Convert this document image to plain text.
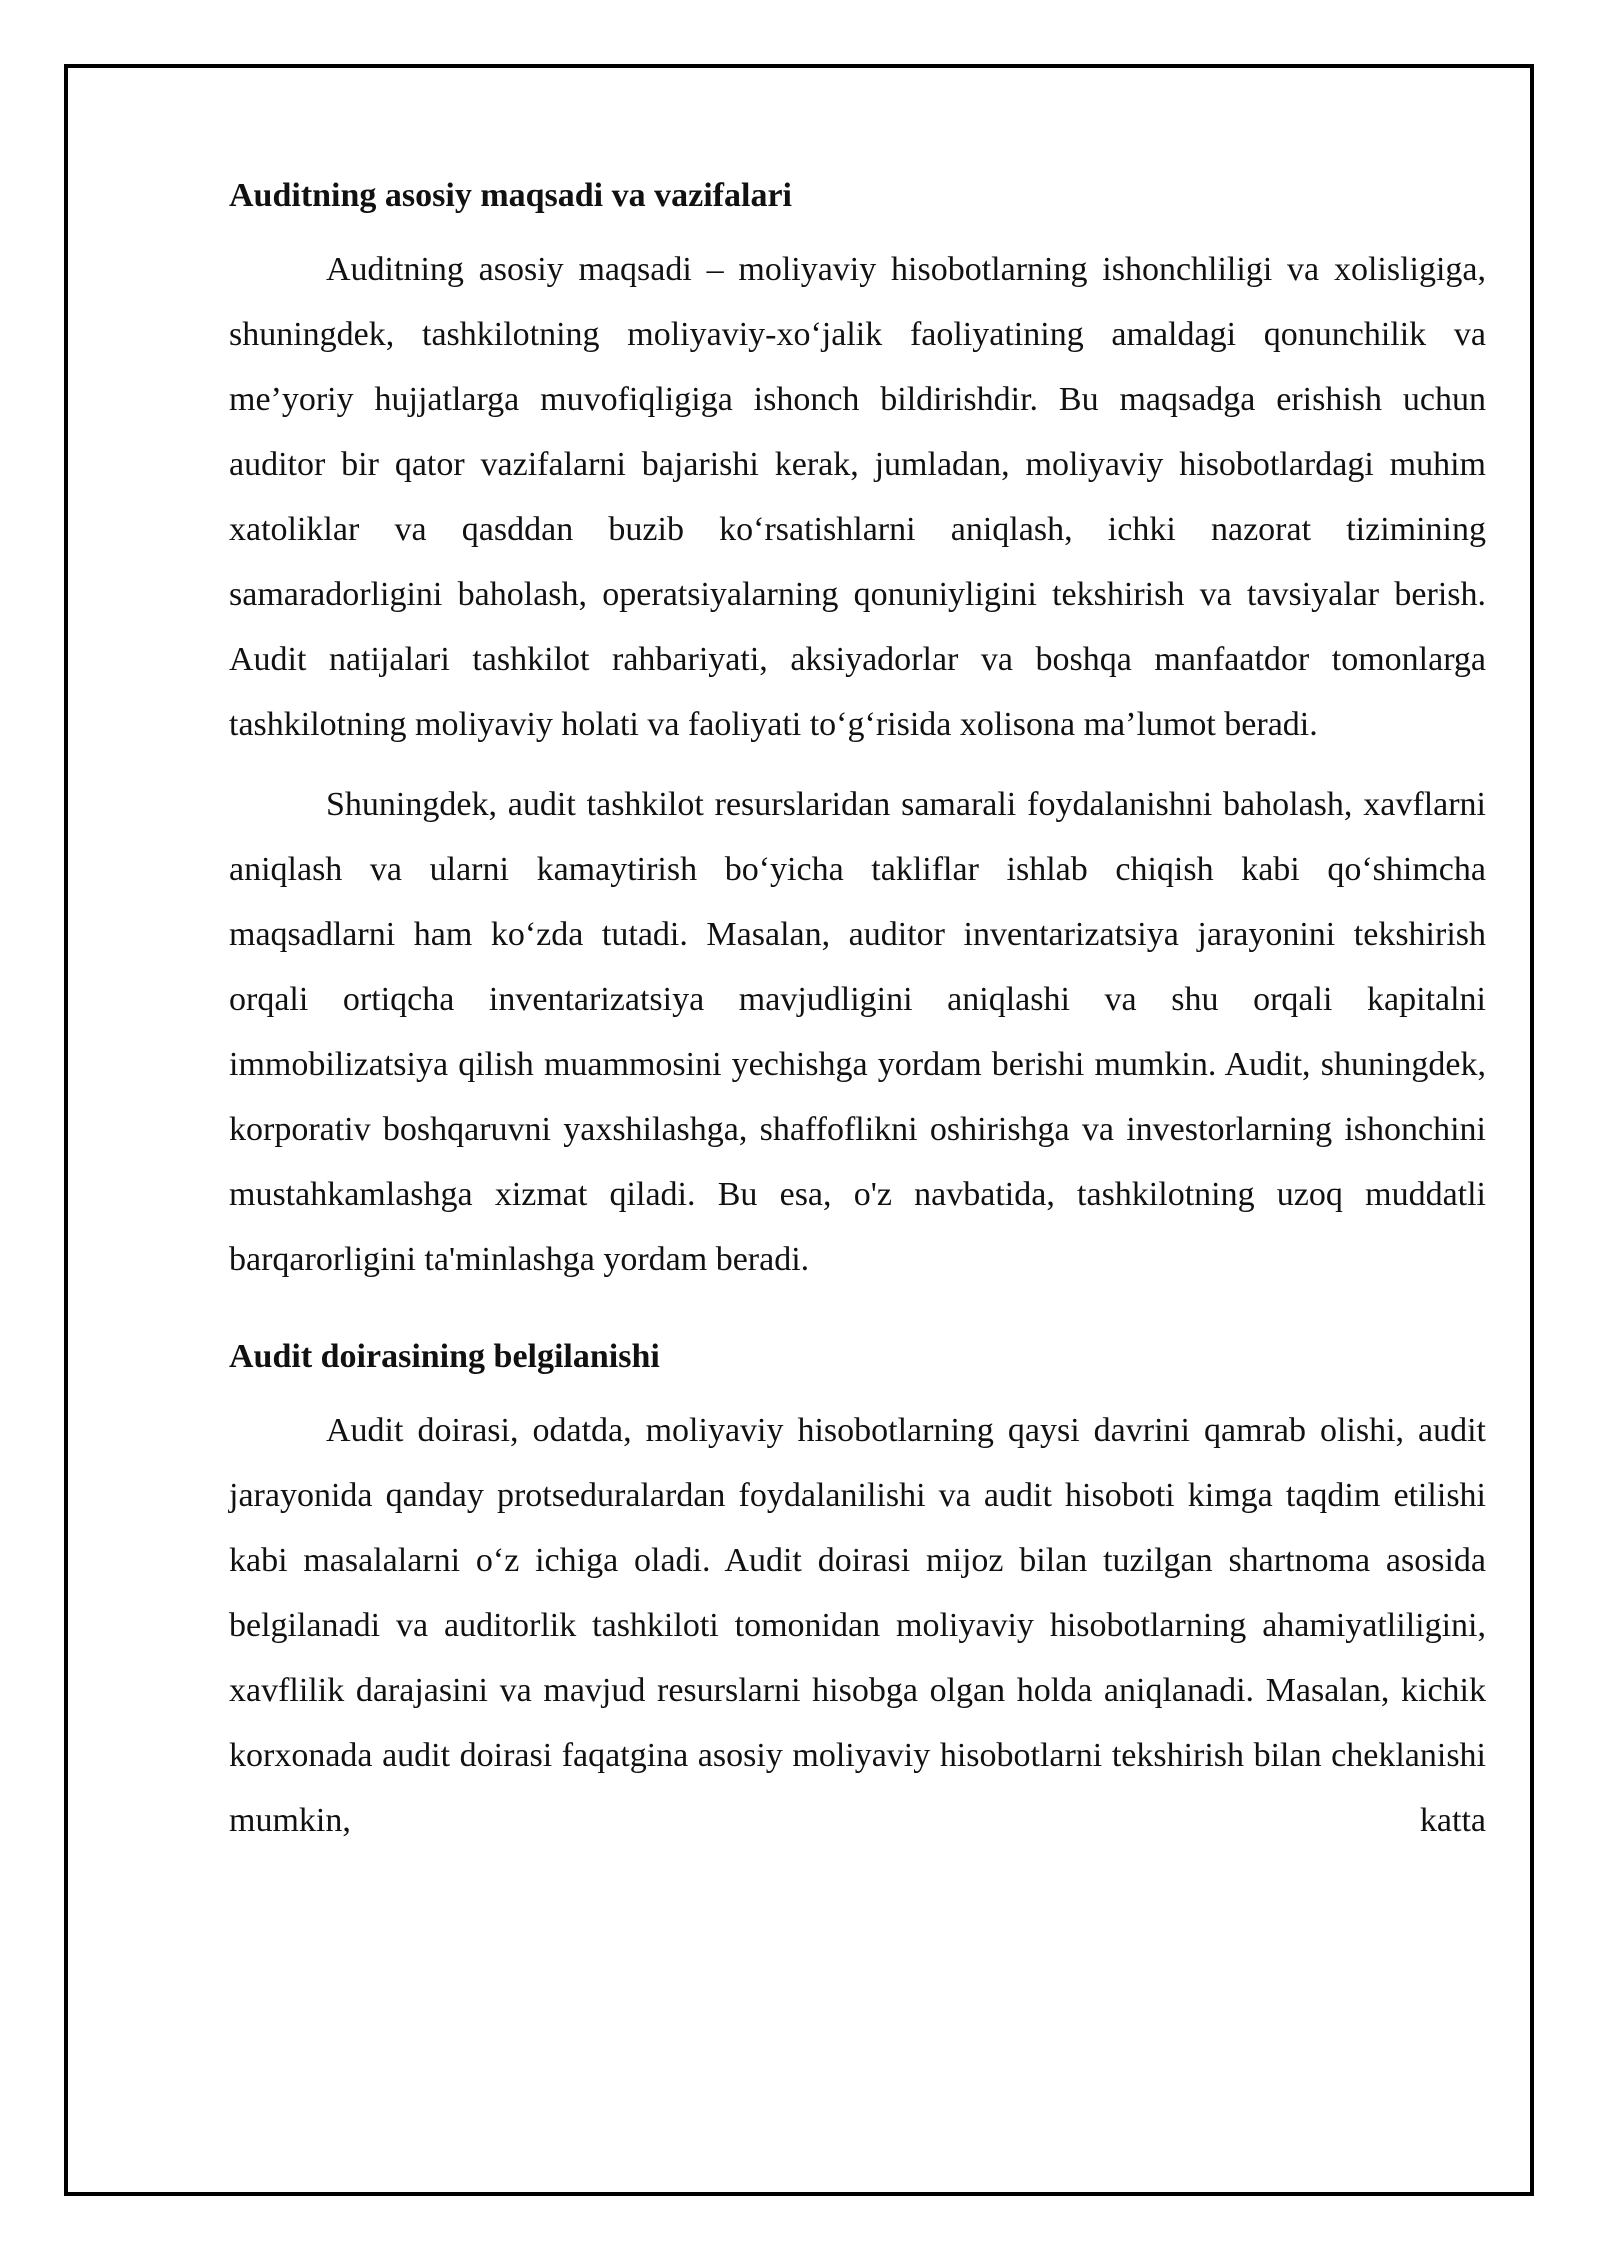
Auditning asosiy maqsadi va vazifalari

Auditning asosiy maqsadi – moliyaviy hisobotlarning ishonchliligi va xolisligiga, shuningdek, tashkilotning moliyaviy-xo‘jalik faoliyatining amaldagi qonunchilik va me’yoriy hujjatlarga muvofiqligiga ishonch bildirishdir. Bu maqsadga erishish uchun auditor bir qator vazifalarni bajarishi kerak, jumladan, moliyaviy hisobotlardagi muhim xatoliklar va qasddan buzib ko‘rsatishlarni aniqlash, ichki nazorat tizimining samaradorligini baholash, operatsiyalarning qonuniyligini tekshirish va tavsiyalar berish. Audit natijalari tashkilot rahbariyati, aksiyadorlar va boshqa manfaatdor tomonlarga tashkilotning moliyaviy holati va faoliyati to‘g‘risida xolisona ma’lumot beradi.

Shuningdek, audit tashkilot resurslaridan samarali foydalanishni baholash, xavflarni aniqlash va ularni kamaytirish bo‘yicha takliflar ishlab chiqish kabi qo‘shimcha maqsadlarni ham ko‘zda tutadi. Masalan, auditor inventarizatsiya jarayonini tekshirish orqali ortiqcha inventarizatsiya mavjudligini aniqlashi va shu orqali kapitalni immobilizatsiya qilish muammosini yechishga yordam berishi mumkin. Audit, shuningdek, korporativ boshqaruvni yaxshilashga, shaffoflikni oshirishga va investorlarning ishonchini mustahkamlashga xizmat qiladi. Bu esa, o'z navbatida, tashkilotning uzoq muddatli barqarorligini ta'minlashga yordam beradi.

Audit doirasining belgilanishi

Audit doirasi, odatda, moliyaviy hisobotlarning qaysi davrini qamrab olishi, audit jarayonida qanday protseduralardan foydalanilishi va audit hisoboti kimga taqdim etilishi kabi masalalarni o‘z ichiga oladi. Audit doirasi mijoz bilan tuzilgan shartnoma asosida belgilanadi va auditorlik tashkiloti tomonidan moliyaviy hisobotlarning ahamiyatliligini, xavflilik darajasini va mavjud resurslarni hisobga olgan holda aniqlanadi. Masalan, kichik korxonada audit doirasi faqatgina asosiy moliyaviy hisobotlarni tekshirish bilan cheklanishi mumkin, katta
